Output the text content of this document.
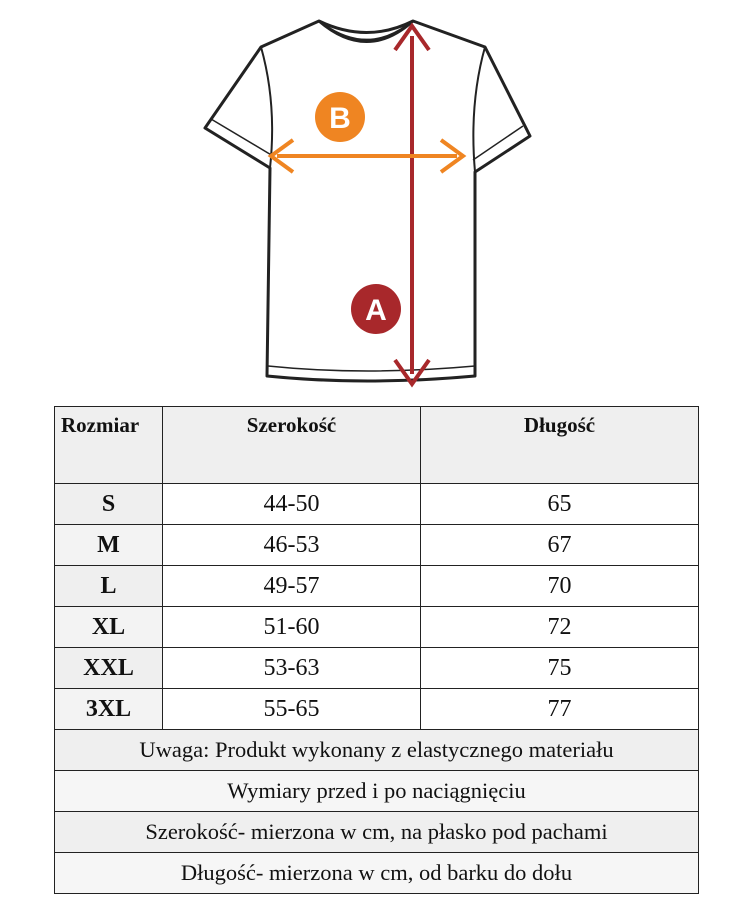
B
A
Rozmiar	Szerokość	Długość
S	44-50	65
M	46-53	67
L	49-57	70
XL	51-60	72
XXL	53-63	75
3XL	55-65	77
Uwaga: Produkt wykonany z elastycznego materiału		
Wymiary przed i po naciągnięciu		
Szerokość- mierzona w cm, na płasko pod pachami		
Długość- mierzona w cm, od barku do dołu		
